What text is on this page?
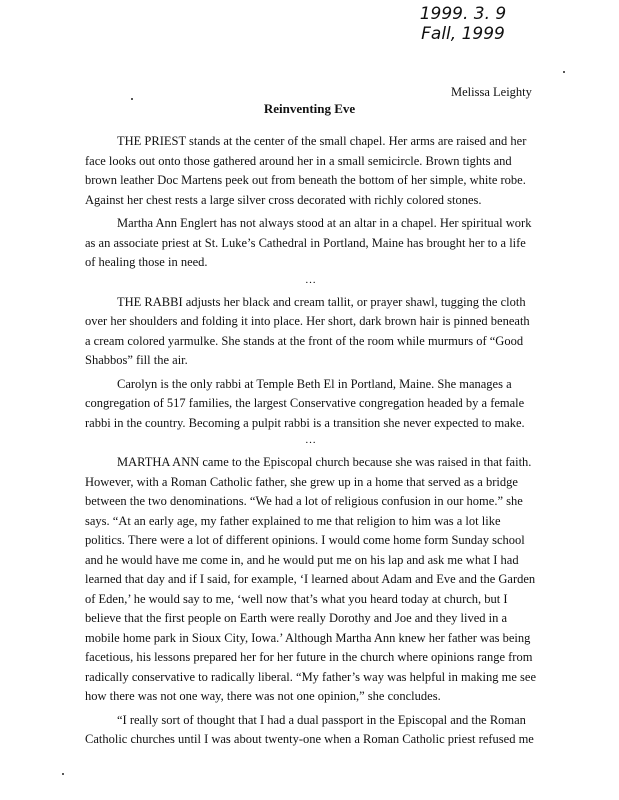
1999. 3. 9
Fall, 1999
Melissa Leighty
Reinventing Eve

THE PRIEST stands at the center of the small chapel. Her arms are raised and her face looks out onto those gathered around her in a small semicircle. Brown tights and brown leather Doc Martens peek out from beneath the bottom of her simple, white robe. Against her chest rests a large silver cross decorated with richly colored stones.

Martha Ann Englert has not always stood at an altar in a chapel. Her spiritual work as an associate priest at St. Luke’s Cathedral in Portland, Maine has brought her to a life of healing those in need.

…

THE RABBI adjusts her black and cream tallit, or prayer shawl, tugging the cloth over her shoulders and folding it into place. Her short, dark brown hair is pinned beneath a cream colored yarmulke. She stands at the front of the room while murmurs of “Good Shabbos” fill the air.

Carolyn is the only rabbi at Temple Beth El in Portland, Maine. She manages a congregation of 517 families, the largest Conservative congregation headed by a female rabbi in the country. Becoming a pulpit rabbi is a transition she never expected to make.

…

MARTHA ANN came to the Episcopal church because she was raised in that faith. However, with a Roman Catholic father, she grew up in a home that served as a bridge between the two denominations. “We had a lot of religious confusion in our home.” she says. “At an early age, my father explained to me that religion to him was a lot like politics. There were a lot of different opinions. I would come home form Sunday school and he would have me come in, and he would put me on his lap and ask me what I had learned that day and if I said, for example, ‘I learned about Adam and Eve and the Garden of Eden,’ he would say to me, ‘well now that’s what you heard today at church, but I believe that the first people on Earth were really Dorothy and Joe and they lived in a mobile home park in Sioux City, Iowa.’ Although Martha Ann knew her father was being facetious, his lessons prepared her for her future in the church where opinions range from radically conservative to radically liberal. “My father’s way was helpful in making me see how there was not one way, there was not one opinion,” she concludes.

“I really sort of thought that I had a dual passport in the Episcopal and the Roman Catholic churches until I was about twenty-one when a Roman Catholic priest refused me
